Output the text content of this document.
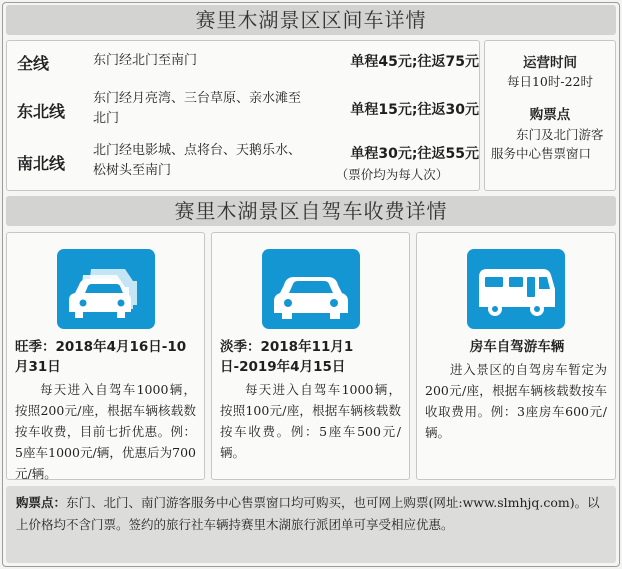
赛里木湖景区区间车详情
全线	东门经北门至南门	单程45元;往返75元
东北线
东门经月亮湾、三台草原、亲水滩至北门
单程15元;往返30元
南北线
北门经电影城、点将台、天鹅乐水、松树头至南门
单程30元;往返55元
（票价均为每人次）
运营时间
每日10时-22时
购票点
东门及北门游客服务中心售票窗口
赛里木湖景区自驾车收费详情
旺季：2018年4月16日-10月31日
每天进入自驾车1000辆，按照200元/座，根据车辆核载数按车收费，目前七折优惠。例：5座车1000元/辆，优惠后为700元/辆。
淡季：2018年11月1日-2019年4月15日
每天进入自驾车1000辆，按照100元/座，根据车辆核载数按车收费。例：5座车500元/辆。
房车自驾游车辆
进入景区的自驾房车暂定为200元/座，根据车辆核载数按车收取费用。例：3座房车600元/辆。
购票点：东门、北门、南门游客服务中心售票窗口均可购买，也可网上购票(网址:www.slmhjq.com)。以上价格均不含门票。签约的旅行社车辆持赛里木湖旅行派团单可享受相应优惠。
